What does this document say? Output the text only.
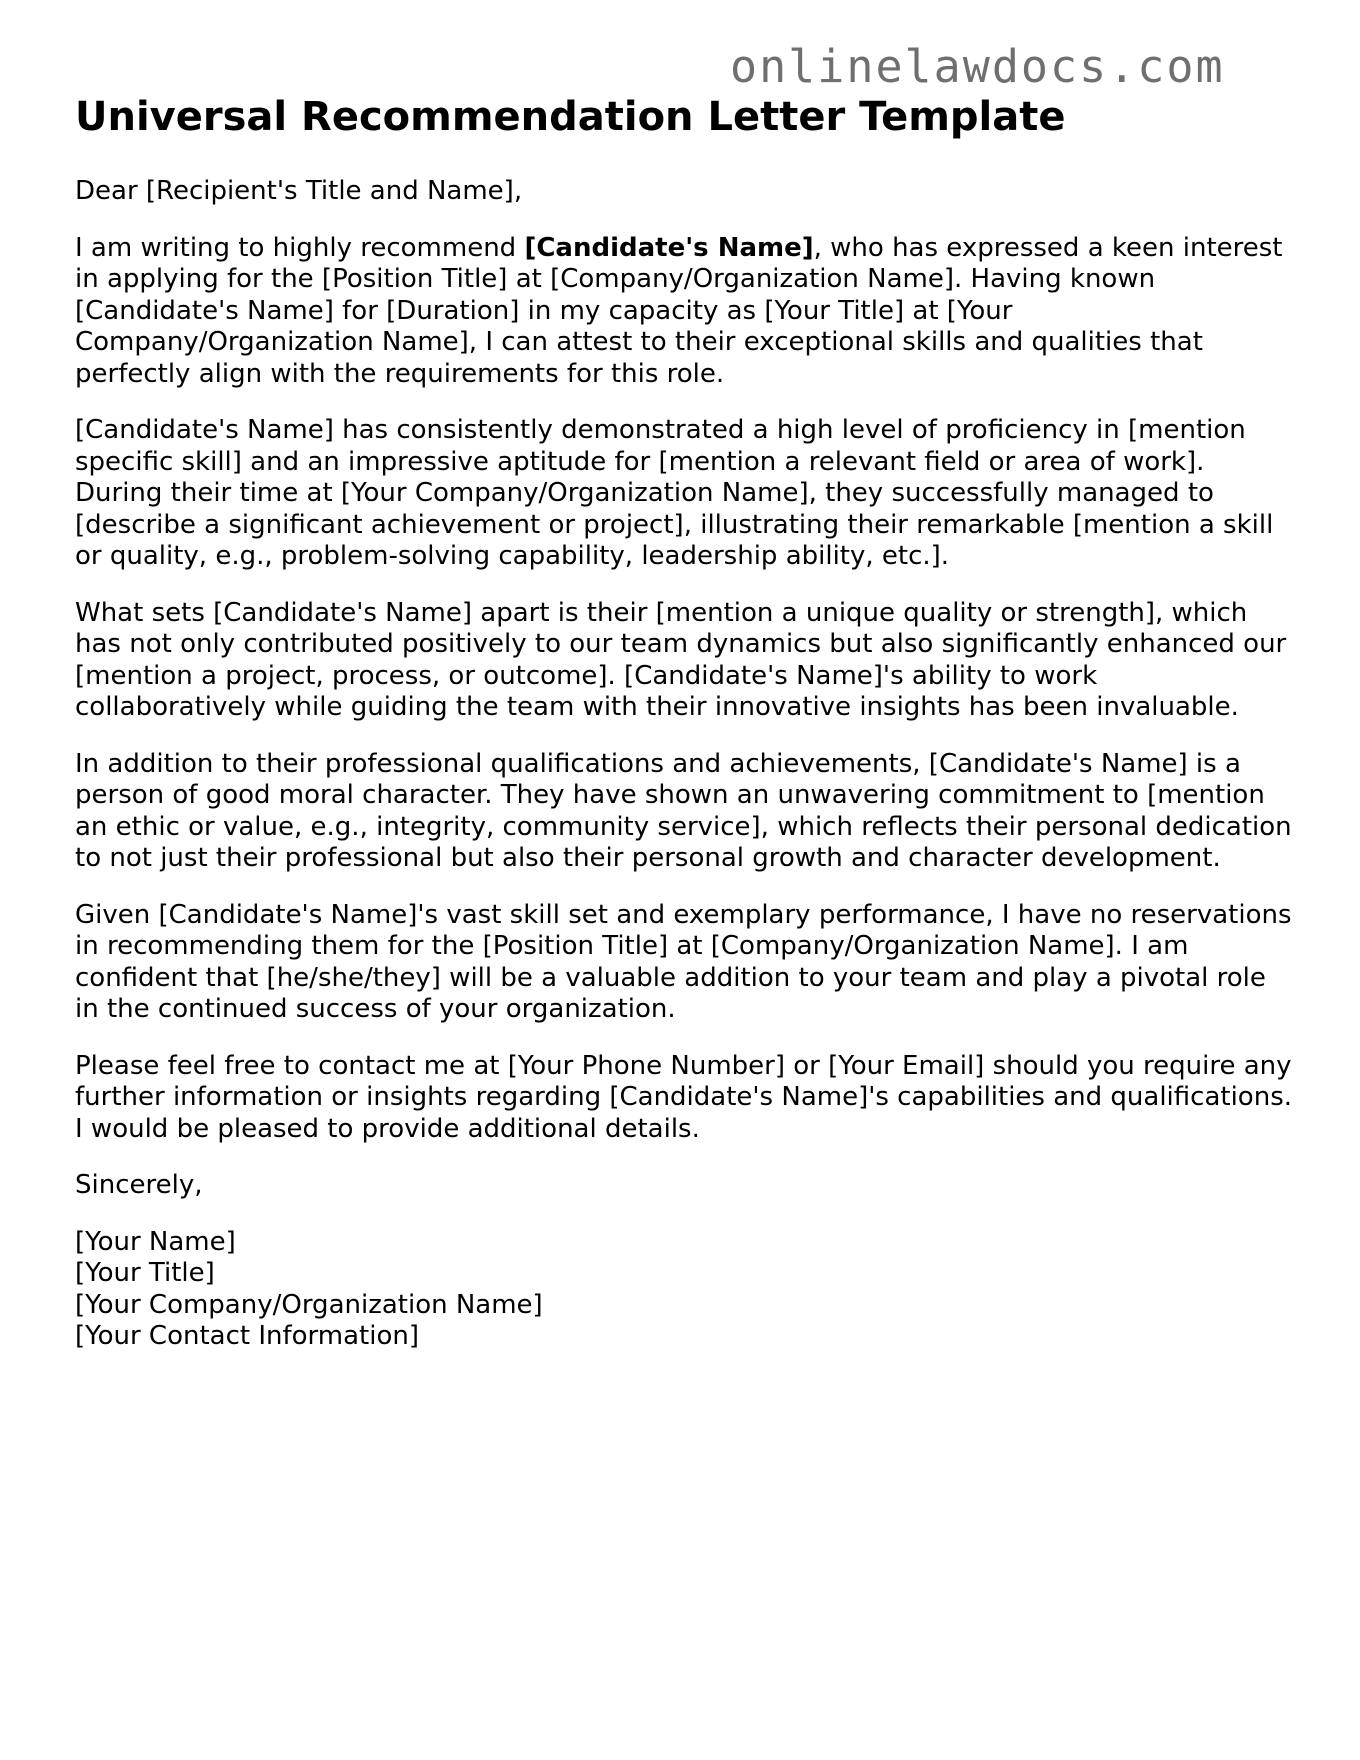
onlinelawdocs.com
Universal Recommendation Letter Template

Dear [Recipient's Title and Name],

I am writing to highly recommend [Candidate's Name], who has expressed a keen interest in applying for the [Position Title] at [Company/Organization Name]. Having known [Candidate's Name] for [Duration] in my capacity as [Your Title] at [Your Company/Organization Name], I can attest to their exceptional skills and qualities that perfectly align with the requirements for this role.

[Candidate's Name] has consistently demonstrated a high level of proficiency in [mention specific skill] and an impressive aptitude for [mention a relevant field or area of work]. During their time at [Your Company/Organization Name], they successfully managed to [describe a significant achievement or project], illustrating their remarkable [mention a skill or quality, e.g., problem-solving capability, leadership ability, etc.].

What sets [Candidate's Name] apart is their [mention a unique quality or strength], which has not only contributed positively to our team dynamics but also significantly enhanced our [mention a project, process, or outcome]. [Candidate's Name]'s ability to work collaboratively while guiding the team with their innovative insights has been invaluable.

In addition to their professional qualifications and achievements, [Candidate's Name] is a person of good moral character. They have shown an unwavering commitment to [mention an ethic or value, e.g., integrity, community service], which reflects their personal dedication to not just their professional but also their personal growth and character development.

Given [Candidate's Name]'s vast skill set and exemplary performance, I have no reservations in recommending them for the [Position Title] at [Company/Organization Name]. I am confident that [he/she/they] will be a valuable addition to your team and play a pivotal role in the continued success of your organization.

Please feel free to contact me at [Your Phone Number] or [Your Email] should you require any further information or insights regarding [Candidate's Name]'s capabilities and qualifications. I would be pleased to provide additional details.

Sincerely,

[Your Name]

[Your Title]

[Your Company/Organization Name]

[Your Contact Information]
